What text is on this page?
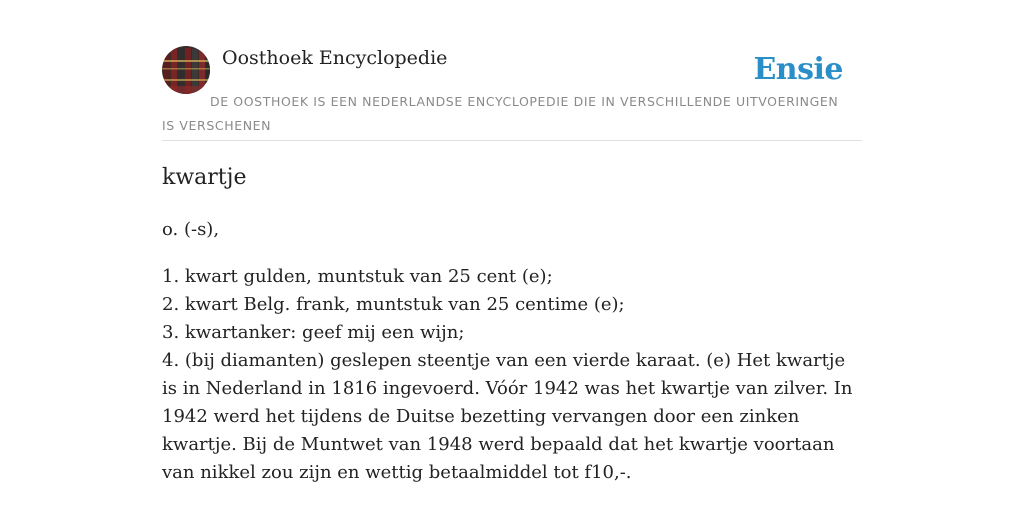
Oosthoek Encyclopedie	Ensie
DE OOSTHOEK IS EEN NEDERLANDSE ENCYCLOPEDIE DIE IN VERSCHILLENDE UITVOERINGEN IS VERSCHENEN
kwartje

o. (-s),

1. kwart gulden, muntstuk van 25 cent (e);
2. kwart Belg. frank, muntstuk van 25 centime (e);
3. kwartanker: geef mij een wijn;
4. (bij diamanten) geslepen steentje van een vierde karaat. (e) Het kwartje is in Nederland in 1816 ingevoerd. Vóór 1942 was het kwartje van zilver. In 1942 werd het tijdens de Duitse bezetting vervangen door een zinken kwartje. Bij de Muntwet van 1948 werd bepaald dat het kwartje voortaan van nikkel zou zijn en wettig betaalmiddel tot f10,-.
